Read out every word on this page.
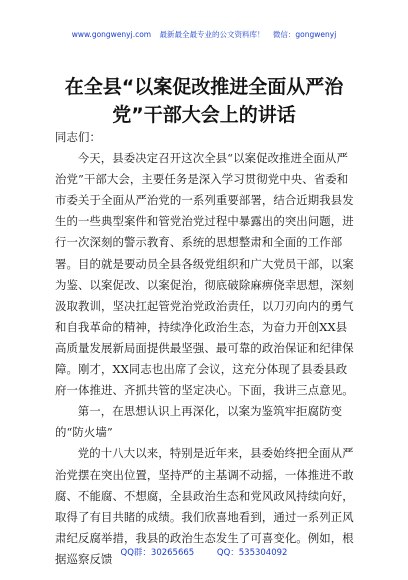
www.gongwenyj.com 最新最全最专业的公文资料库！ 微信：gongwenyj
在全县“以案促改推进全面从严治党”干部大会上的讲话

同志们：

今天，县委决定召开这次全县“以案促改推进全面从严治党”干部大会，主要任务是深入学习贯彻党中央、省委和市委关于全面从严治党的一系列重要部署，结合近期我县发生的一些典型案件和管党治党过程中暴露出的突出问题，进行一次深刻的警示教育、系统的思想整肃和全面的工作部署。目的就是要动员全县各级党组织和广大党员干部，以案为鉴、以案促改、以案促治，彻底破除麻痹侥幸思想，深刻汲取教训，坚决扛起管党治党政治责任，以刀刃向内的勇气和自我革命的精神，持续净化政治生态，为奋力开创XX县高质量发展新局面提供最坚强、最可靠的政治保证和纪律保障。刚才，XX同志也出席了会议，这充分体现了县委县政府一体推进、齐抓共管的坚定决心。下面，我讲三点意见。

第一，在思想认识上再深化，以案为鉴筑牢拒腐防变的“防火墙”

党的十八大以来，特别是近年来，县委始终把全面从严治党摆在突出位置，坚持严的主基调不动摇，一体推进不敢腐、不能腐、不想腐，全县政治生态和党风政风持续向好，取得了有目共睹的成绩。我们欣喜地看到，通过一系列正风肃纪反腐举措，我县的政治生态发生了可喜变化。例如，根据巡察反馈 QQ群：30265665	QQ：535304092
